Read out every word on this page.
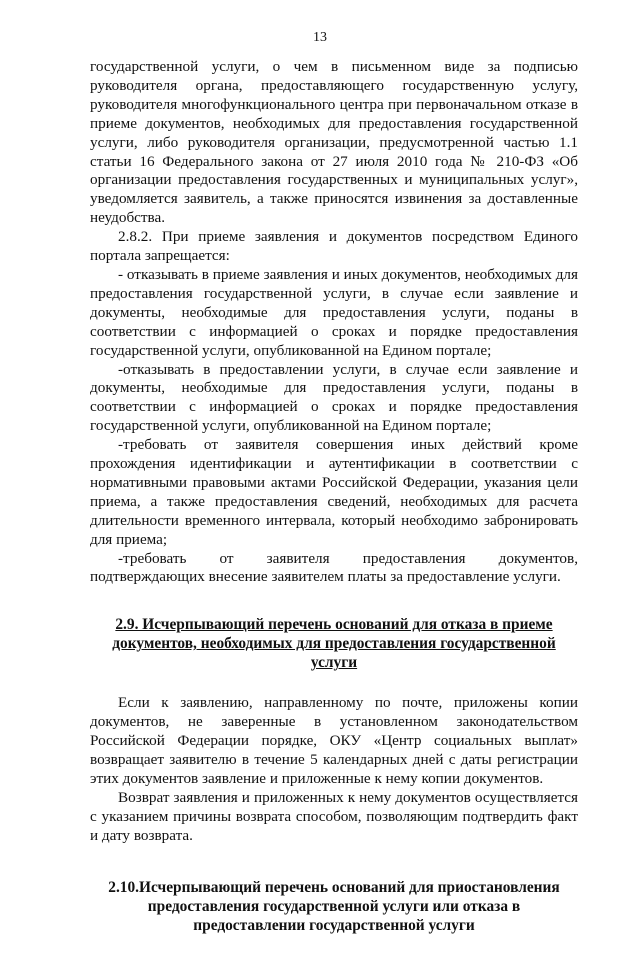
13

государственной услуги, о чем в письменном виде за подписью руководителя органа, предоставляющего государственную услугу, руководителя многофункционального центра при первоначальном отказе в приеме документов, необходимых для предоставления государственной услуги, либо руководителя организации, предусмотренной частью 1.1 статьи 16 Федерального закона от 27 июля 2010 года № 210-ФЗ «Об организации предоставления государственных и муниципальных услуг», уведомляется заявитель, а также приносятся извинения за доставленные неудобства.

2.8.2. При приеме заявления и документов посредством Единого портала запрещается:

- отказывать в приеме заявления и иных документов, необходимых для предоставления государственной услуги, в случае если заявление и документы, необходимые для предоставления услуги, поданы в соответствии с информацией о сроках и порядке предоставления государственной услуги, опубликованной на Едином портале;

-отказывать в предоставлении услуги, в случае если заявление и документы, необходимые для предоставления услуги, поданы в соответствии с информацией о сроках и порядке предоставления государственной услуги, опубликованной на Едином портале;

-требовать от заявителя совершения иных действий кроме прохождения идентификации и аутентификации в соответствии с нормативными правовыми актами Российской Федерации, указания цели приема, а также предоставления сведений, необходимых для расчета длительности временного интервала, который необходимо забронировать для приема;

-требовать от заявителя предоставления документов, подтверждающих внесение заявителем платы за предоставление услуги.

2.9. Исчерпывающий перечень оснований для отказа в приеме документов, необходимых для предоставления государственной услуги

Если к заявлению, направленному по почте, приложены копии документов, не заверенные в установленном законодательством Российской Федерации порядке, ОКУ «Центр социальных выплат» возвращает заявителю в течение 5 календарных дней с даты регистрации этих документов заявление и приложенные к нему копии документов.

Возврат заявления и приложенных к нему документов осуществляется с указанием причины возврата способом, позволяющим подтвердить факт и дату возврата.

2.10.Исчерпывающий перечень оснований для приостановления предоставления государственной услуги или отказа в предоставлении государственной услуги
